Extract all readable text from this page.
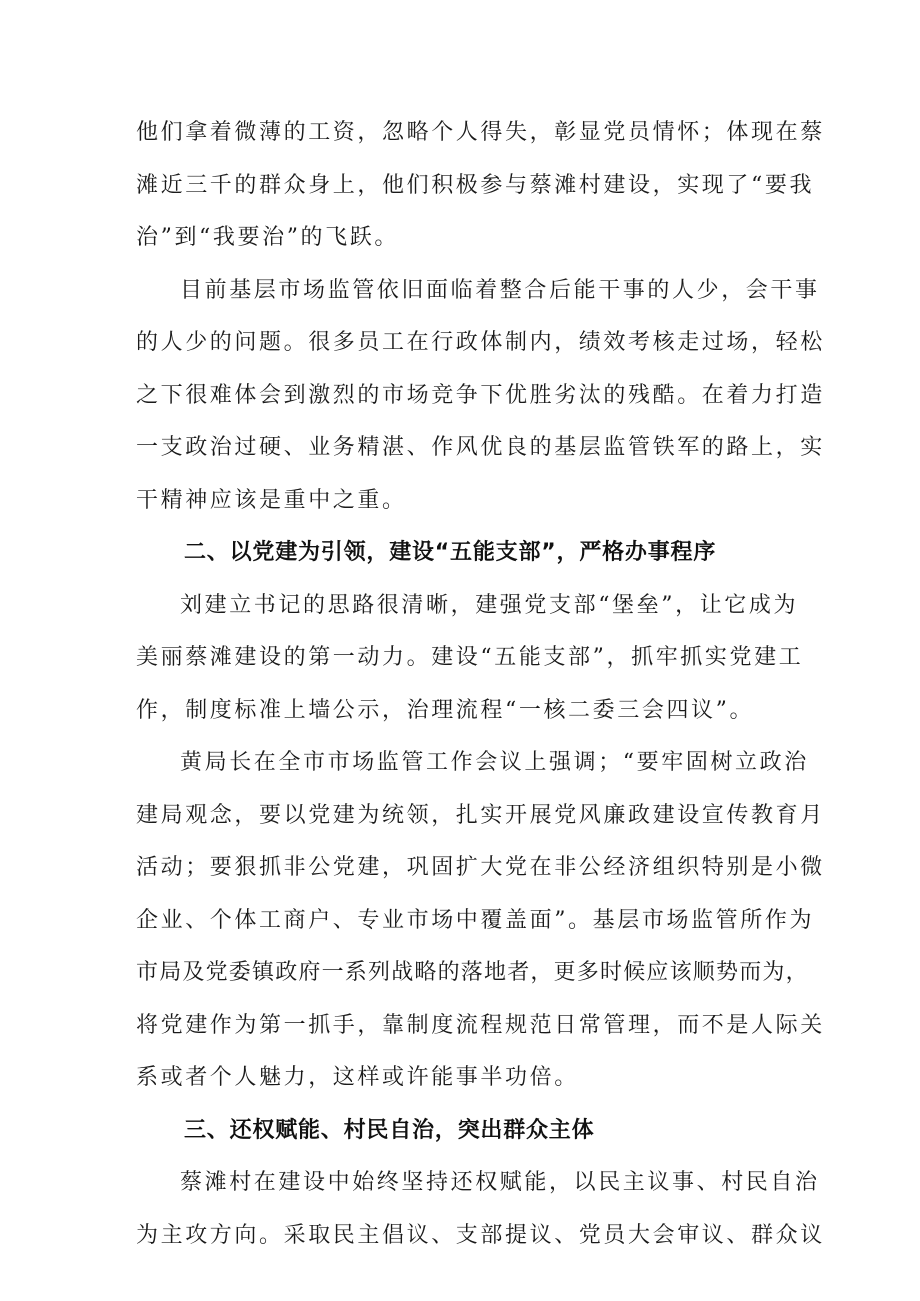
他们拿着微薄的工资，忽略个人得失，彰显党员情怀；体现在蔡
滩近三千的群众身上，他们积极参与蔡滩村建设，实现了“要我
治”到“我要治”的飞跃。
目前基层市场监管依旧面临着整合后能干事的人少，会干事
的人少的问题。很多员工在行政体制内，绩效考核走过场，轻松
之下很难体会到激烈的市场竞争下优胜劣汰的残酷。在着力打造
一支政治过硬、业务精湛、作风优良的基层监管铁军的路上，实
干精神应该是重中之重。
二、以党建为引领，建设“五能支部”，严格办事程序
刘建立书记的思路很清晰，建强党支部“堡垒”，让它成为
美丽蔡滩建设的第一动力。建设“五能支部”，抓牢抓实党建工
作，制度标准上墙公示，治理流程“一核二委三会四议”。
黄局长在全市市场监管工作会议上强调；“要牢固树立政治
建局观念，要以党建为统领，扎实开展党风廉政建设宣传教育月
活动；要狠抓非公党建，巩固扩大党在非公经济组织特别是小微
企业、个体工商户、专业市场中覆盖面”。基层市场监管所作为
市局及党委镇政府一系列战略的落地者，更多时候应该顺势而为，
将党建作为第一抓手，靠制度流程规范日常管理，而不是人际关
系或者个人魅力，这样或许能事半功倍。
三、还权赋能、村民自治，突出群众主体
蔡滩村在建设中始终坚持还权赋能，以民主议事、村民自治
为主攻方向。采取民主倡议、支部提议、党员大会审议、群众议
